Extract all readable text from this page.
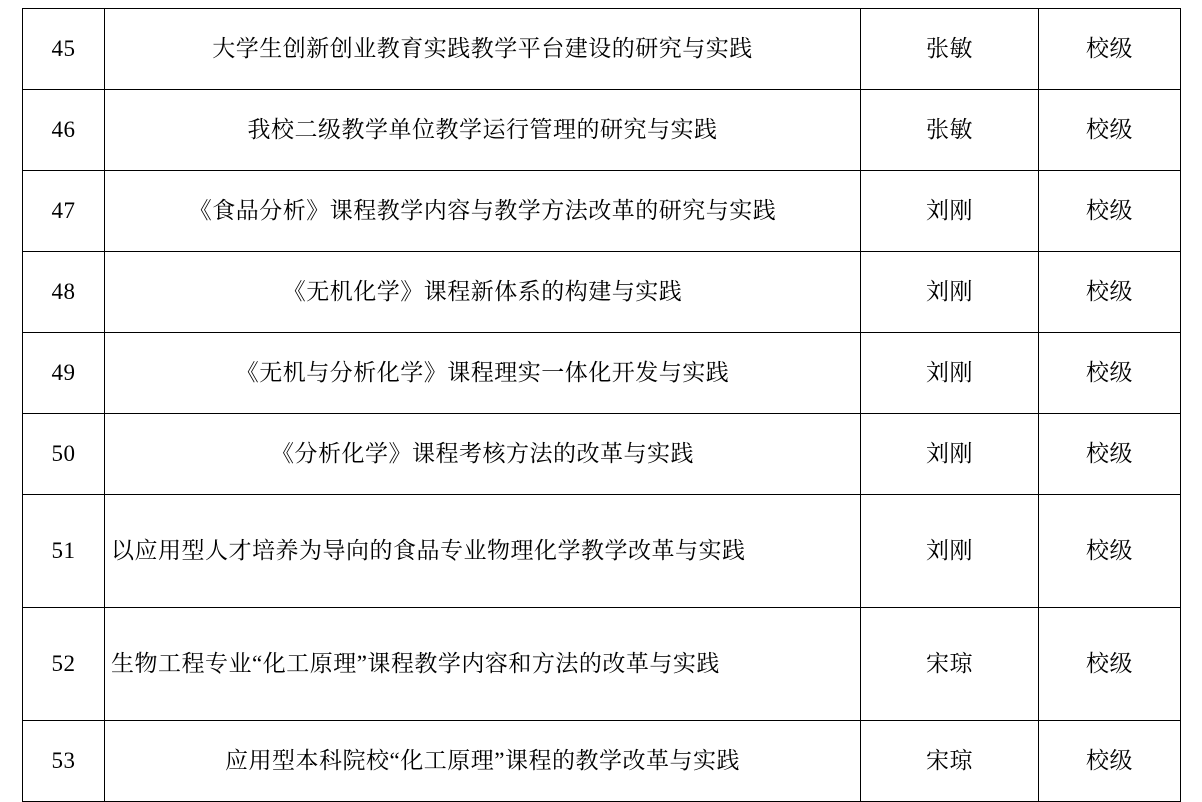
45	大学生创新创业教育实践教学平台建设的研究与实践	张敏	校级
46	我校二级教学单位教学运行管理的研究与实践	张敏	校级
47	《食品分析》课程教学内容与教学方法改革的研究与实践	刘刚	校级
48	《无机化学》课程新体系的构建与实践	刘刚	校级
49	《无机与分析化学》课程理实一体化开发与实践	刘刚	校级
50	《分析化学》课程考核方法的改革与实践	刘刚	校级
51	以应用型人才培养为导向的食品专业物理化学教学改革与实践	刘刚	校级
52	生物工程专业“化工原理”课程教学内容和方法的改革与实践	宋琼	校级
53	应用型本科院校“化工原理”课程的教学改革与实践	宋琼	校级
